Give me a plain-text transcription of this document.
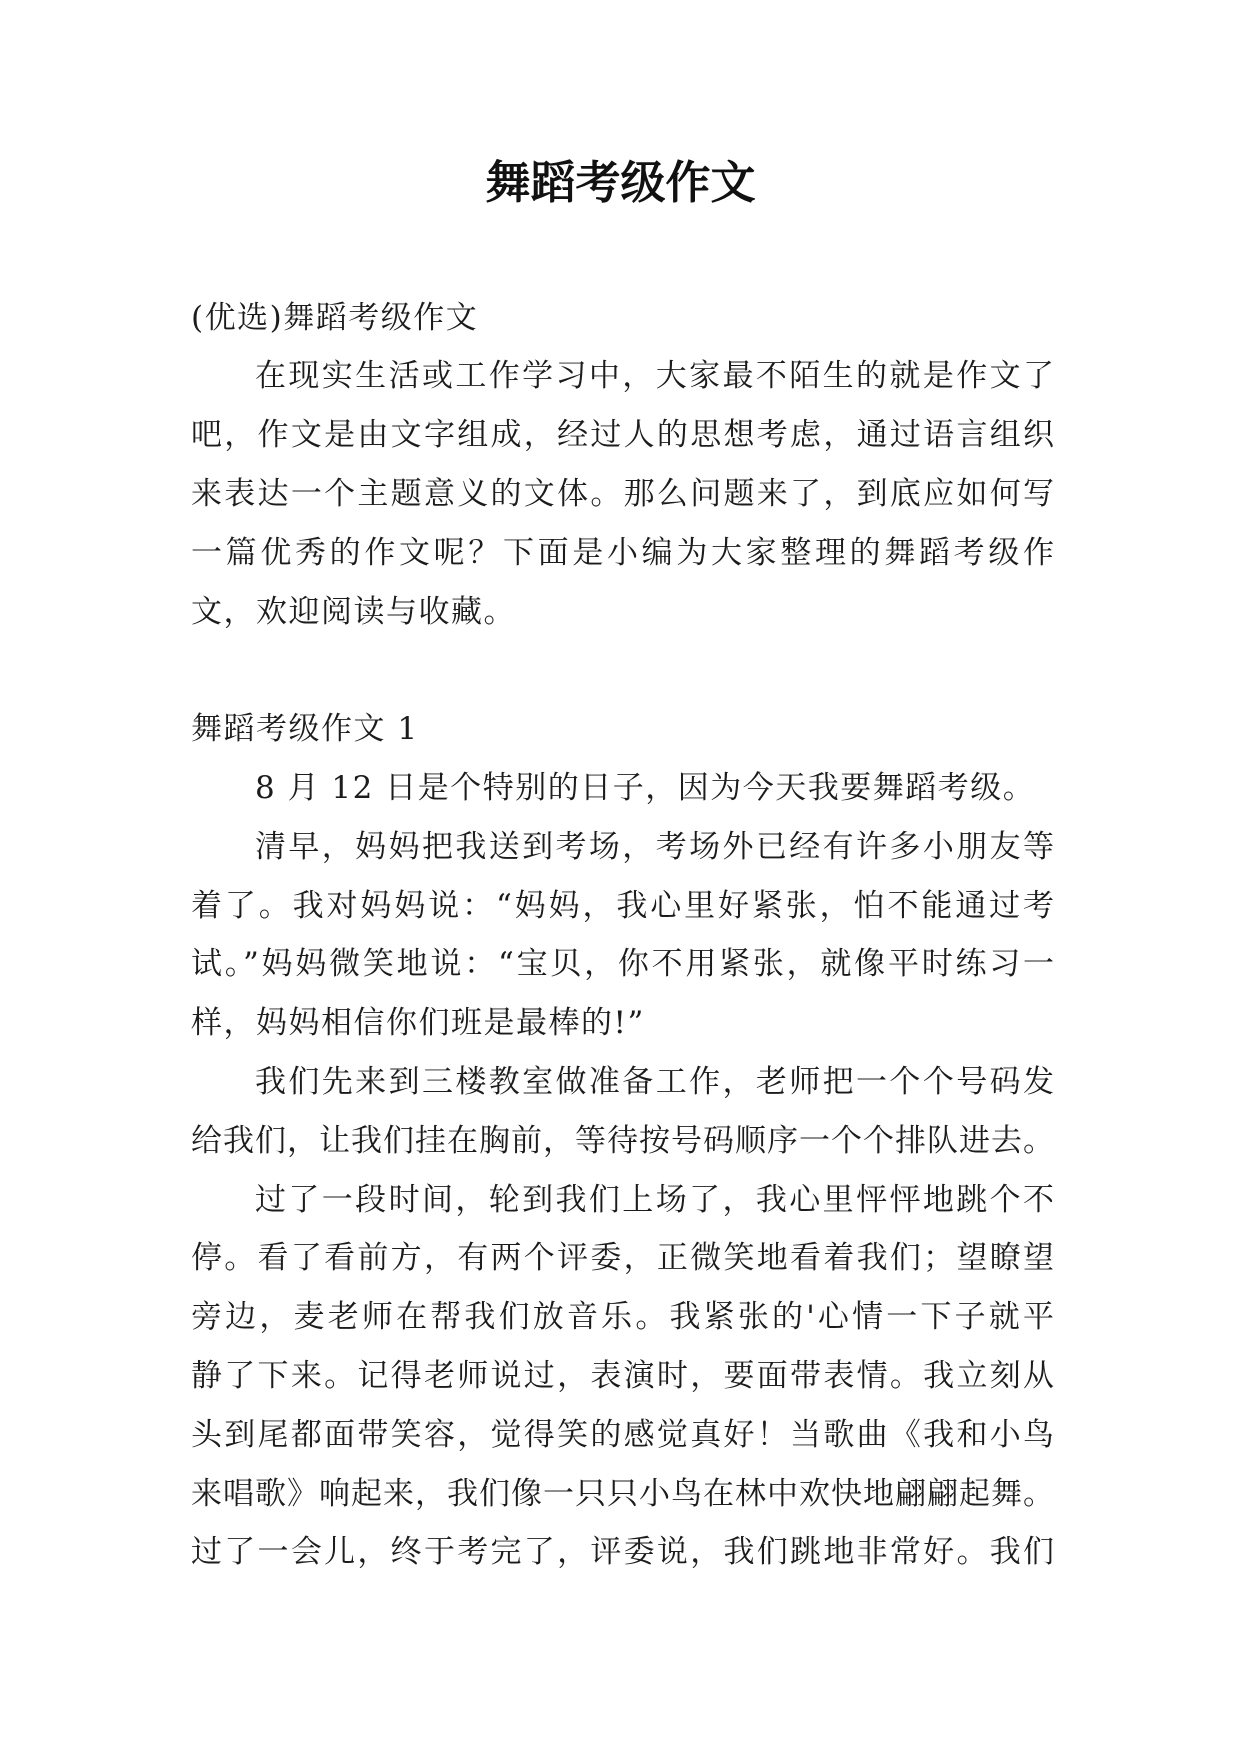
舞蹈考级作文
(优选)舞蹈考级作文
在现实生活或工作学习中，大家最不陌生的就是作文了
吧，作文是由文字组成，经过人的思想考虑，通过语言组织
来表达一个主题意义的文体。那么问题来了，到底应如何写
一篇优秀的作文呢？下面是小编为大家整理的舞蹈考级作
文，欢迎阅读与收藏。
舞蹈考级作文 1
8 月 12 日是个特别的日子，因为今天我要舞蹈考级。
清早，妈妈把我送到考场，考场外已经有许多小朋友等
着了。我对妈妈说：“妈妈，我心里好紧张，怕不能通过考
试。”妈妈微笑地说：“宝贝，你不用紧张，就像平时练习一
样，妈妈相信你们班是最棒的!”
我们先来到三楼教室做准备工作，老师把一个个号码发
给我们，让我们挂在胸前，等待按号码顺序一个个排队进去。
过了一段时间，轮到我们上场了，我心里怦怦地跳个不
停。看了看前方，有两个评委，正微笑地看着我们；望瞭望
旁边，麦老师在帮我们放音乐。我紧张的'心情一下子就平
静了下来。记得老师说过，表演时，要面带表情。我立刻从
头到尾都面带笑容，觉得笑的感觉真好！当歌曲《我和小鸟
来唱歌》响起来，我们像一只只小鸟在林中欢快地翩翩起舞。
过了一会儿，终于考完了，评委说，我们跳地非常好。我们
